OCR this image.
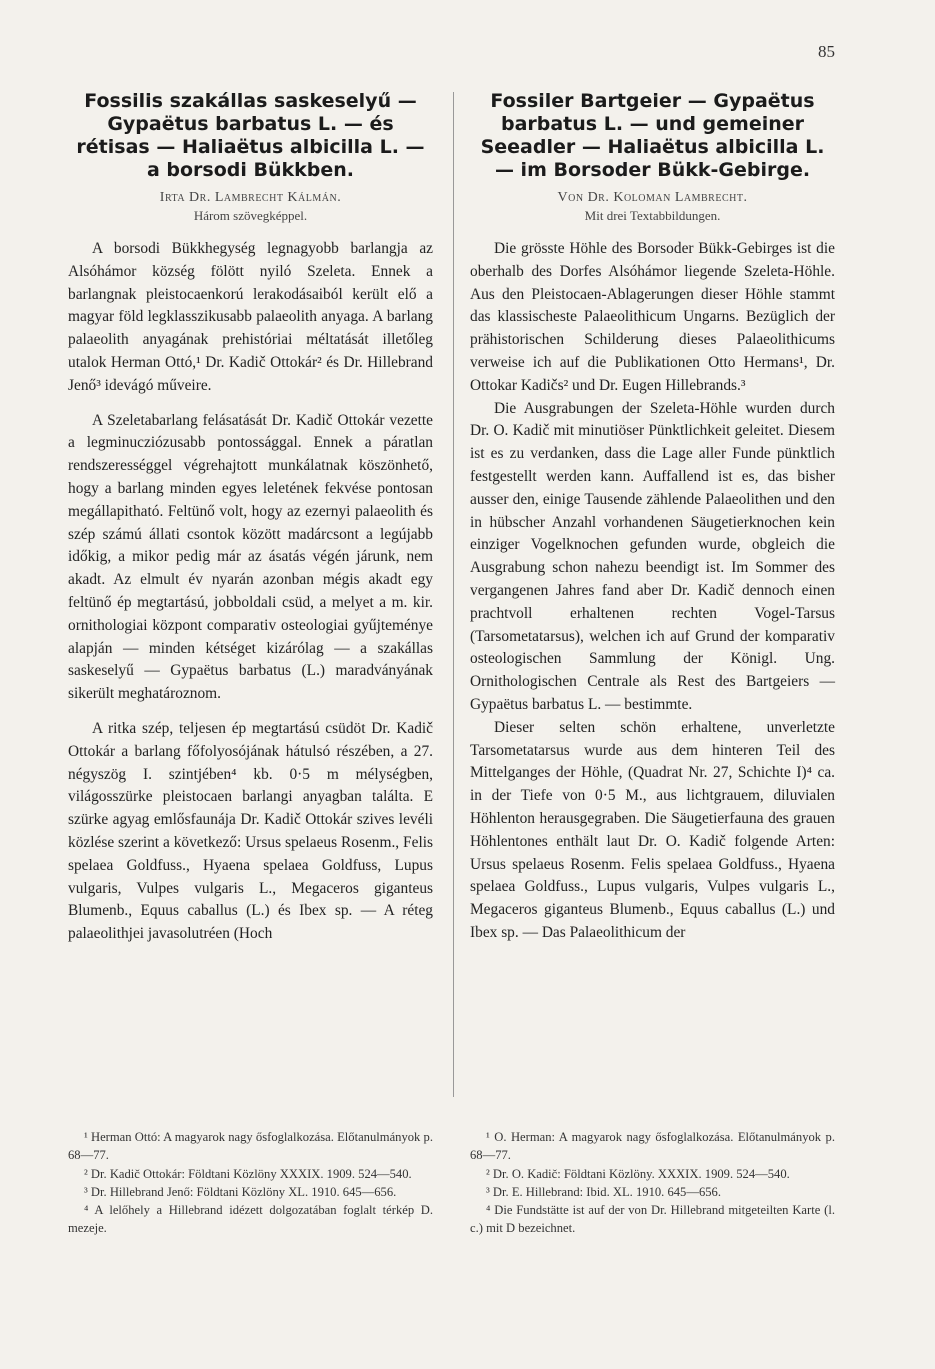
85
Fossilis szakállas saskeselyű — Gypaëtus barbatus L. — és rétisas — Haliaëtus albicilla L. — a borsodi Bükkben.
Irta Dr. Lambrecht Kálmán.
Három szövegképpel.

A borsodi Bükkhegység legnagyobb barlangja az Alsóhámor község fölött nyiló Szeleta. Ennek a barlangnak pleistocaenkorú lerakodásaiból került elő a magyar föld legklasszikusabb palaeolith anyaga. A barlang palaeolith anyagának prehistóriai méltatását illetőleg utalok Herman Ottó,¹ Dr. Kadič Ottokár² és Dr. Hillebrand Jenő³ idevágó műveire.

A Szeletabarlang felásatását Dr. Kadič Ottokár vezette a legminucziózusabb pontossággal. Ennek a páratlan rendszerességgel végrehajtott munkálatnak köszönhető, hogy a barlang minden egyes leletének fekvése pontosan megállapitható. Feltünő volt, hogy az ezernyi palaeolith és szép számú állati csontok között madárcsont a legújabb időkig, a mikor pedig már az ásatás végén járunk, nem akadt. Az elmult év nyarán azonban mégis akadt egy feltünő ép megtartású, jobboldali csüd, a melyet a m. kir. ornithologiai központ comparativ osteologiai gyűjteménye alapján — minden kétséget kizárólag — a szakállas saskeselyű — Gypaëtus barbatus (L.) maradványának sikerült meghatároznom.

A ritka szép, teljesen ép megtartású csüdöt Dr. Kadič Ottokár a barlang főfolyosójának hátulsó részében, a 27. négyszög I. szintjében⁴ kb. 0·5 m mélységben, világosszürke pleistocaen barlangi anyagban találta. E szürke agyag emlősfaunája Dr. Kadič Ottokár szives levéli közlése szerint a következő: Ursus spelaeus Rosenm., Felis spelaea Goldfuss., Hyaena spelaea Goldfuss, Lupus vulgaris, Vulpes vulgaris L., Megaceros giganteus Blumenb., Equus caballus (L.) és Ibex sp. — A réteg palaeolithjei javasolutréen (Hoch

¹ Herman Ottó: A magyarok nagy ősfoglalkozása. Előtanulmányok p. 68—77.

² Dr. Kadič Ottokár: Földtani Közlöny XXXIX. 1909. 524—540.

³ Dr. Hillebrand Jenő: Földtani Közlöny XL. 1910. 645—656.

⁴ A lelőhely a Hillebrand idézett dolgozatában foglalt térkép D. mezeje.

Fossiler Bartgeier — Gypaëtus barbatus L. — und gemeiner Seeadler — Haliaëtus albicilla L. — im Borsoder Bükk-Gebirge.
Von Dr. Koloman Lambrecht.
Mit drei Textabbildungen.

Die grösste Höhle des Borsoder Bükk-Gebirges ist die oberhalb des Dorfes Alsóhámor liegende Szeleta-Höhle. Aus den Pleistocaen-Ablagerungen dieser Höhle stammt das klassischeste Palaeolithicum Ungarns. Bezüglich der prähistorischen Schilderung dieses Palaeolithicums verweise ich auf die Publikationen Otto Hermans¹, Dr. Ottokar Kadičs² und Dr. Eugen Hillebrands.³

Die Ausgrabungen der Szeleta-Höhle wurden durch Dr. O. Kadič mit minutiöser Pünktlichkeit geleitet. Diesem ist es zu verdanken, dass die Lage aller Funde pünktlich festgestellt werden kann. Auffallend ist es, das bisher ausser den, einige Tausende zählende Palaeolithen und den in hübscher Anzahl vorhandenen Säugetierknochen kein einziger Vogelknochen gefunden wurde, obgleich die Ausgrabung schon nahezu beendigt ist. Im Sommer des vergangenen Jahres fand aber Dr. Kadič dennoch einen prachtvoll erhaltenen rechten Vogel-Tarsus (Tarsometatarsus), welchen ich auf Grund der komparativ osteologischen Sammlung der Königl. Ung. Ornithologischen Centrale als Rest des Bartgeiers — Gypaëtus barbatus L. — bestimmte.

Dieser selten schön erhaltene, unverletzte Tarsometatarsus wurde aus dem hinteren Teil des Mittelganges der Höhle, (Quadrat Nr. 27, Schichte I)⁴ ca. in der Tiefe von 0·5 M., aus lichtgrauem, diluvialen Höhlenton herausgegraben. Die Säugetierfauna des grauen Höhlentones enthält laut Dr. O. Kadič folgende Arten: Ursus spelaeus Rosenm. Felis spelaea Goldfuss., Hyaena spelaea Goldfuss., Lupus vulgaris, Vulpes vulgaris L., Megaceros giganteus Blumenb., Equus caballus (L.) und Ibex sp. — Das Palaeolithicum der

¹ O. Herman: A magyarok nagy ősfoglalkozása. Előtanulmányok p. 68—77.

² Dr. O. Kadič: Földtani Közlöny. XXXIX. 1909. 524—540.

³ Dr. E. Hillebrand: Ibid. XL. 1910. 645—656.

⁴ Die Fundstätte ist auf der von Dr. Hillebrand mitgeteilten Karte (l. c.) mit D bezeichnet.
